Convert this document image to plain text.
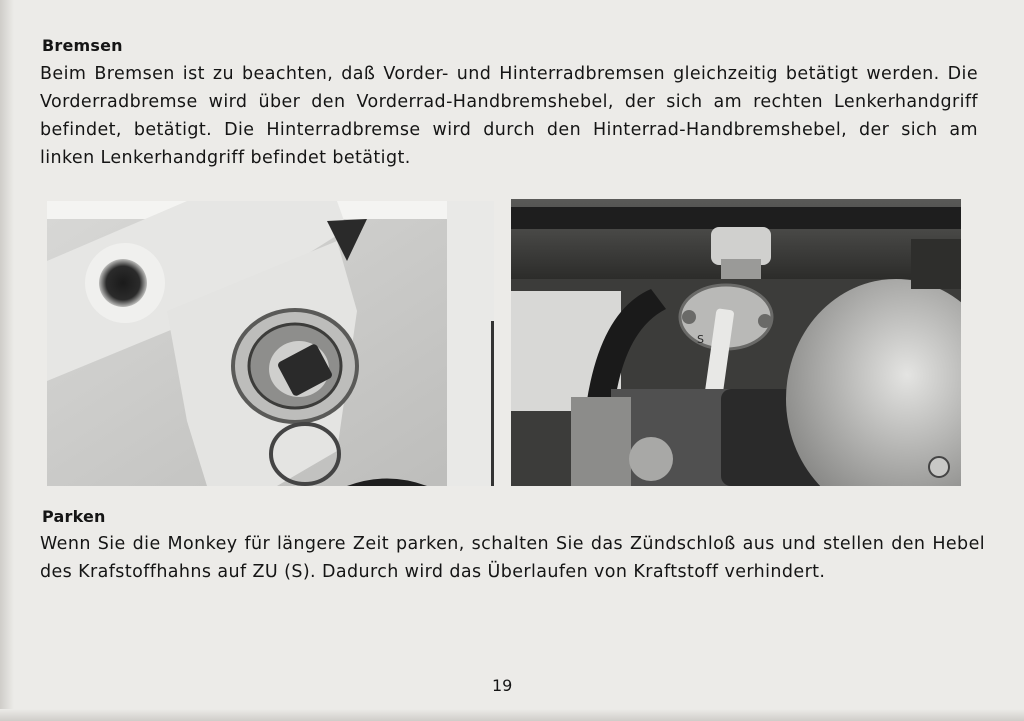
Bremsen
Beim Bremsen ist zu beachten, daß Vorder- und Hinterradbremsen gleichzeitig betätigt werden. Die Vorderradbremse wird über den Vorderrad-Handbremshebel, der sich am rechten Lenkerhandgriff befindet, betätigt. Die Hinterradbremse wird durch den Hinterrad-Handbremshebel, der sich am linken Lenkerhandgriff befindet betätigt.
S
Parken
Wenn Sie die Monkey für längere Zeit parken, schalten Sie das Zündschloß aus und stellen den Hebel des Krafstoffhahns auf ZU (S). Dadurch wird das Überlaufen von Kraftstoff verhindert.
19
